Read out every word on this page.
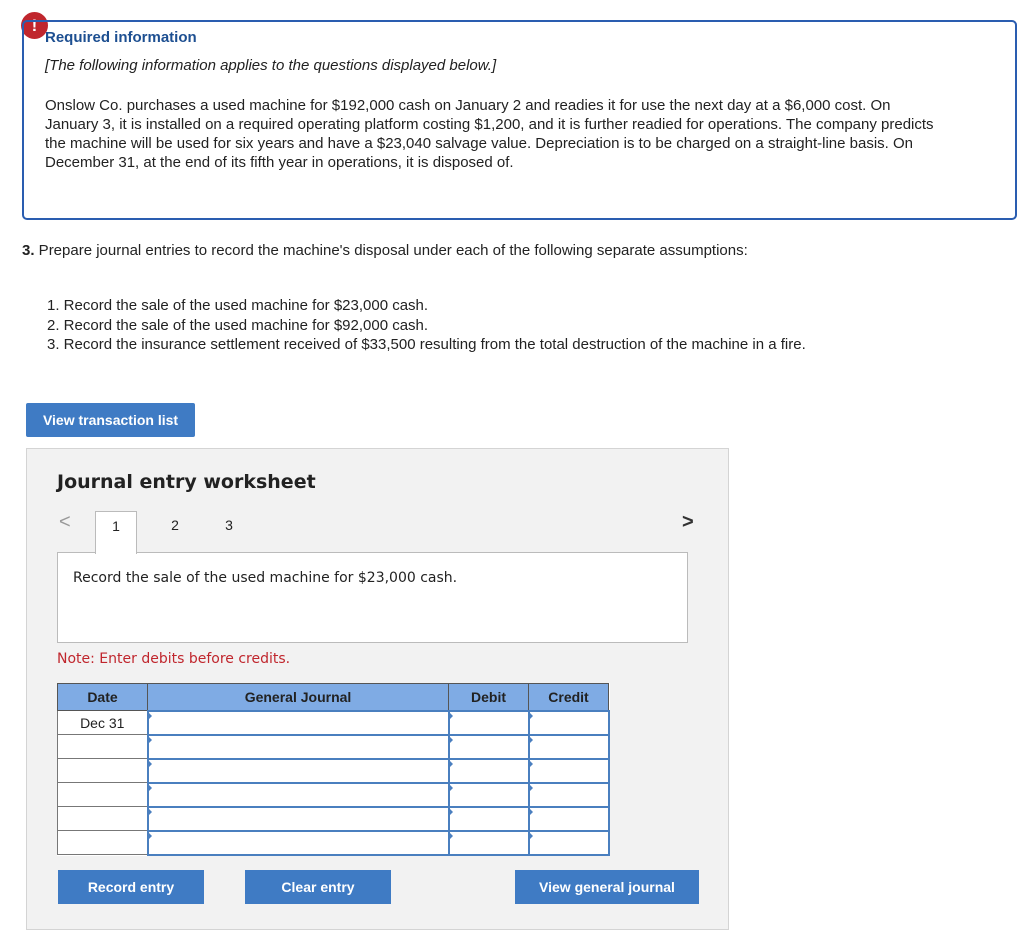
!
Required information
[The following information applies to the questions displayed below.]
Onslow Co. purchases a used machine for $192,000 cash on January 2 and readies it for use the next day at a $6,000 cost. On January 3, it is installed on a required operating platform costing $1,200, and it is further readied for operations. The company predicts the machine will be used for six years and have a $23,040 salvage value. Depreciation is to be charged on a straight-line basis. On December 31, at the end of its fifth year in operations, it is disposed of.
3. Prepare journal entries to record the machine's disposal under each of the following separate assumptions:
1. Record the sale of the used machine for $23,000 cash.
2. Record the sale of the used machine for $92,000 cash.
3. Record the insurance settlement received of $33,500 resulting from the total destruction of the machine in a fire.
View transaction list
Journal entry worksheet
<	1	2	3	>
Record the sale of the used machine for $23,000 cash.
Note: Enter debits before credits.
Date	General Journal	Debit	Credit
Dec 31			

Record entry	Clear entry	View general journal
